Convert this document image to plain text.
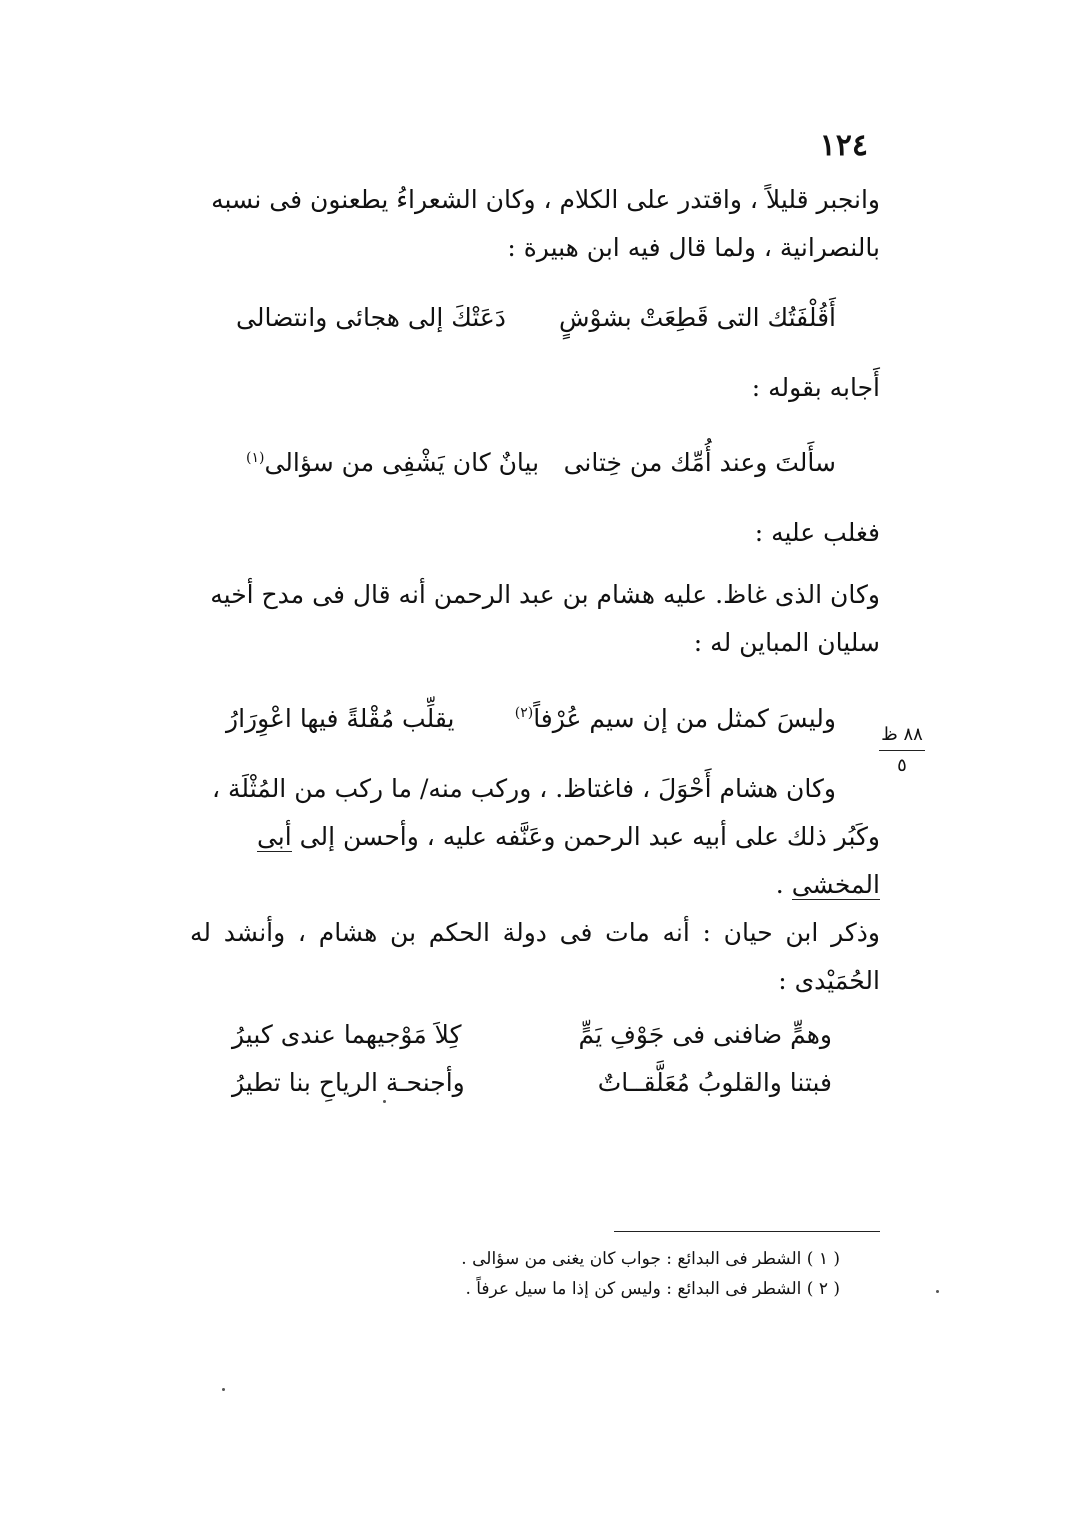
١٢٤

وانجبر قليلاً ، واقتدر على الكلام ، وكان الشعراءُ يطعنون فى نسبه

بالنصرانية ، ولما قال فيه ابن هبيرة :

أَقُلْفَتُك التى قَطِعَتْ بشوْشٍ
دَعَتْكَ إلى هجائى وانتضالى

أَجابه بقوله :

سأَلتَ وعند أُمِّك من خِتانى
بيانٌ كان يَشْفِى من سؤالى(١)

فغلب عليه :

وكان الذى غاظ. عليه هشام بن عبد الرحمن أنه قال فى مدح أخيه

سليان المباين له :

وليسَ كمثل من إن سيم عُرْفاً(٢)
يقلِّب مُقْلةً فيها اعْوِرَارُ

وكان هشام أَحْوَلَ ، فاغتاظ. ، وركب منه/ ما ركب من المُثْلَة ،

وكَبُر ذلك على أبيه عبد الرحمن وعَنَّفه عليه ، وأحسن إلى أبى المخشى .

وذكر ابن حيان : أنه مات فى دولة الحكم بن هشام ، وأنشد له الحُمَيْدى :

وهمٍّ ضافنى فى جَوْفِ يَمٍّ
كِلاَ مَوْجيهما عندى كبيرُ
فبتنا والقلوبُ مُعَلَّقــاتٌ
وأجنحـة الرياحِ بنا تطيرُ
٨٨ ظ
٥
( ١ ) الشطر فى البدائع : جواب كان يغنى من سؤالى .
( ٢ ) الشطر فى البدائع : وليس كن إذا ما سيل عرفاً .
